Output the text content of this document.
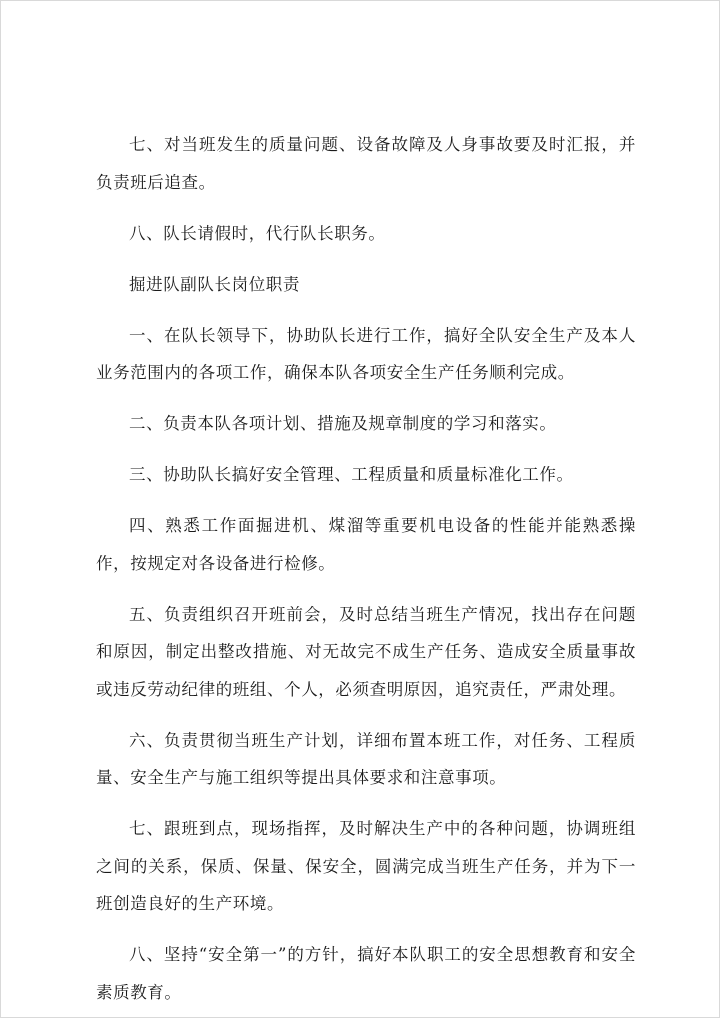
七、对当班发生的质量问题、设备故障及人身事故要及时汇报，并负责班后追查。

八、队长请假时，代行队长职务。

掘进队副队长岗位职责

一、在队长领导下，协助队长进行工作，搞好全队安全生产及本人业务范围内的各项工作，确保本队各项安全生产任务顺利完成。

二、负责本队各项计划、措施及规章制度的学习和落实。

三、协助队长搞好安全管理、工程质量和质量标准化工作。

四、熟悉工作面掘进机、煤溜等重要机电设备的性能并能熟悉操作，按规定对各设备进行检修。

五、负责组织召开班前会，及时总结当班生产情况，找出存在问题和原因，制定出整改措施、对无故完不成生产任务、造成安全质量事故或违反劳动纪律的班组、个人，必须查明原因，追究责任，严肃处理。

六、负责贯彻当班生产计划，详细布置本班工作，对任务、工程质量、安全生产与施工组织等提出具体要求和注意事项。

七、跟班到点，现场指挥，及时解决生产中的各种问题，协调班组之间的关系，保质、保量、保安全，圆满完成当班生产任务，并为下一班创造良好的生产环境。

八、坚持“安全第一”的方针，搞好本队职工的安全思想教育和安全素质教育。
